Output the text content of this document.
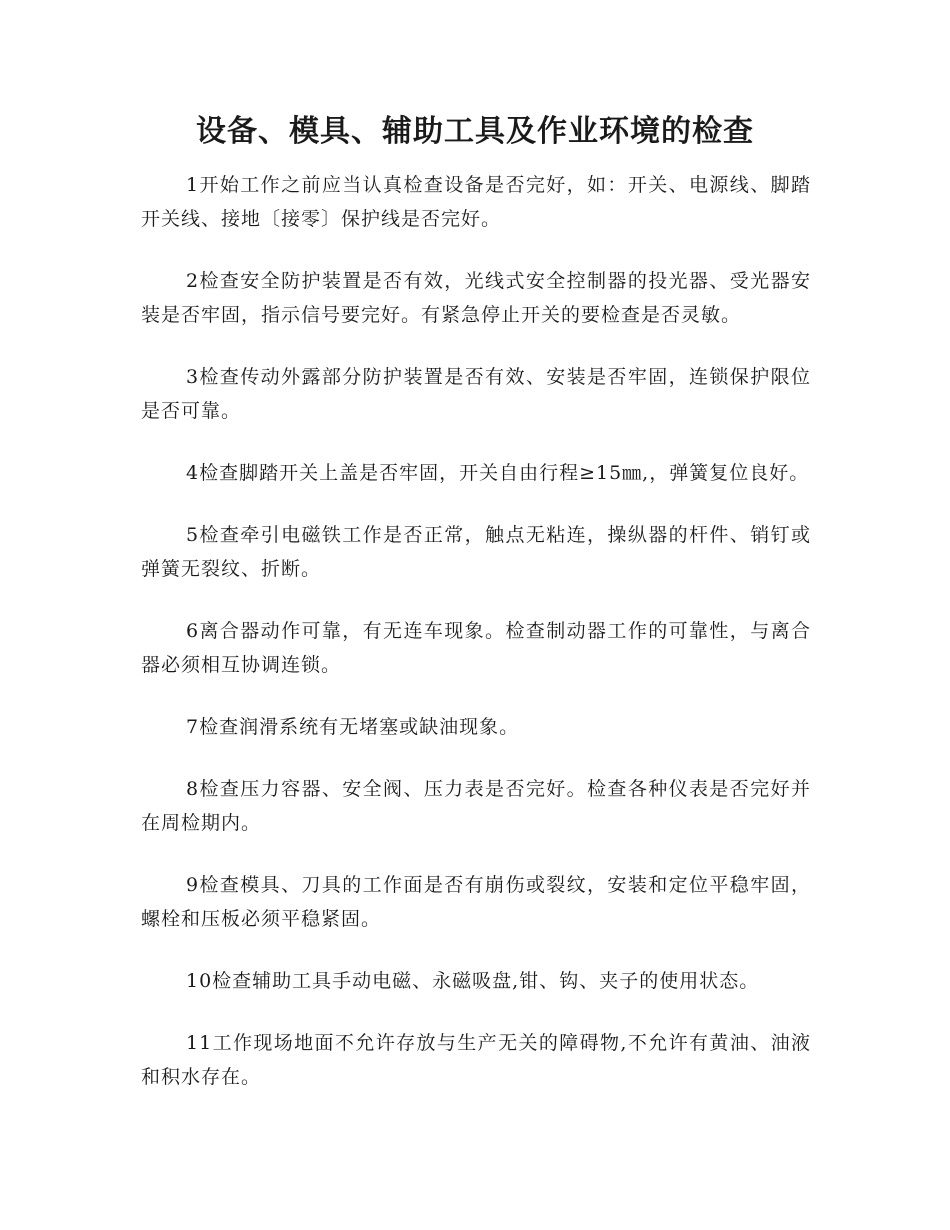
设备、模具、辅助工具及作业环境的检查

1开始工作之前应当认真检查设备是否完好，如：开关、电源线、脚踏开关线、接地〔接零〕保护线是否完好。

2检查安全防护装置是否有效，光线式安全控制器的投光器、受光器安装是否牢固，指示信号要完好。有紧急停止开关的要检查是否灵敏。

3检查传动外露部分防护装置是否有效、安装是否牢固，连锁保护限位是否可靠。

4检查脚踏开关上盖是否牢固，开关自由行程≥15㎜,，弹簧复位良好。

5检查牵引电磁铁工作是否正常，触点无粘连，操纵器的杆件、销钉或弹簧无裂纹、折断。

6离合器动作可靠，有无连车现象。检查制动器工作的可靠性，与离合器必须相互协调连锁。

7检查润滑系统有无堵塞或缺油现象。

8检查压力容器、安全阀、压力表是否完好。检查各种仪表是否完好并在周检期内。

9检查模具、刀具的工作面是否有崩伤或裂纹，安装和定位平稳牢固，螺栓和压板必须平稳紧固。

10检查辅助工具手动电磁、永磁吸盘,钳、钩、夹子的使用状态。

11工作现场地面不允许存放与生产无关的障碍物,不允许有黄油、油液和积水存在。
